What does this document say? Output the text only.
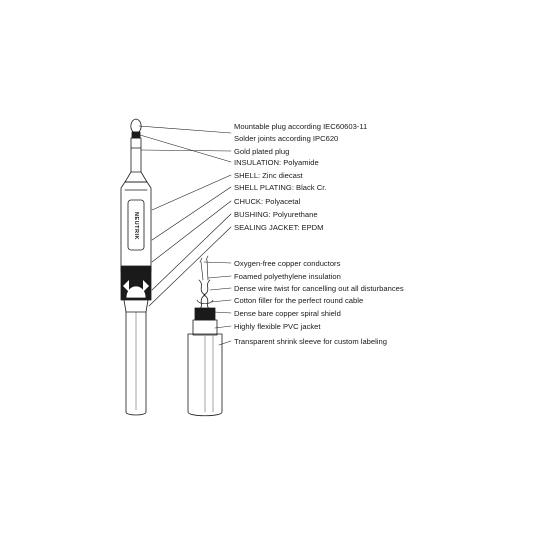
NEUTRIK
Mountable plug according IEC60603-11
Solder joints according IPC620
Gold plated plug
INSULATION: Polyamide
SHELL: Zinc diecast
SHELL PLATING: Black Cr.
CHUCK: Polyacetal
BUSHING: Polyurethane
SEALING JACKET: EPDM
Oxygen-free copper conductors
Foamed polyethylene insulation
Dense wire twist for cancelling out all disturbances
Cotton filler for the perfect round cable
Dense bare copper spiral shield
Highly flexible PVC jacket
Transparent shrink sleeve for custom labeling
